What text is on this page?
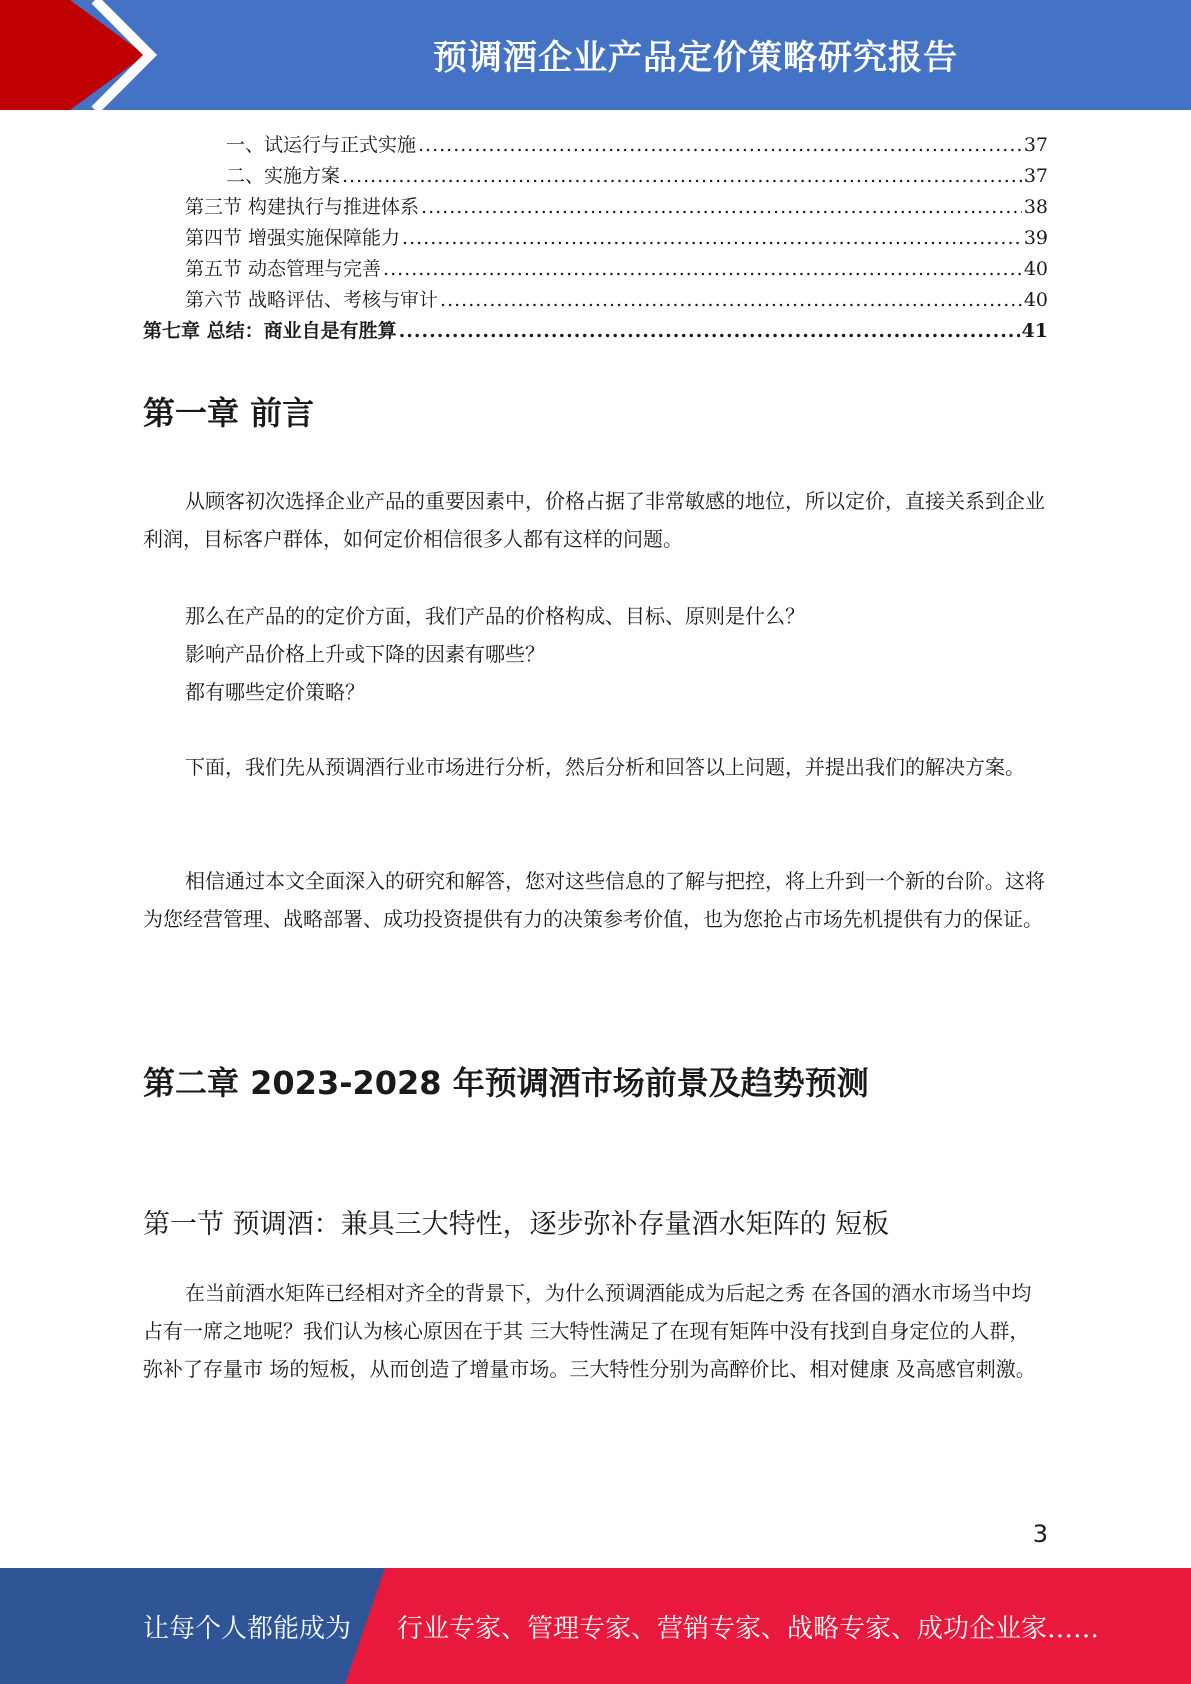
预调酒企业产品定价策略研究报告
一、试运行与正式实施 .....	37
二、实施方案 .....	37
第三节 构建执行与推进体系 .....	38
第四节 增强实施保障能力 .....	39
第五节 动态管理与完善 .....	40
第六节 战略评估、考核与审计 .....	40
第七章 总结：商业自是有胜算 .....	41
第一章 前言

从顾客初次选择企业产品的重要因素中，价格占据了非常敏感的地位，所以定价，直接关系到企业利润，目标客户群体，如何定价相信很多人都有这样的问题。

那么在产品的的定价方面，我们产品的价格构成、目标、原则是什么？

影响产品价格上升或下降的因素有哪些？

都有哪些定价策略？

下面，我们先从预调酒行业市场进行分析，然后分析和回答以上问题，并提出我们的解决方案。

相信通过本文全面深入的研究和解答，您对这些信息的了解与把控，将上升到一个新的台阶。这将为您经营管理、战略部署、成功投资提供有力的决策参考价值，也为您抢占市场先机提供有力的保证。

第二章 2023-2028 年预调酒市场前景及趋势预测
第一节 预调酒：兼具三大特性，逐步弥补存量酒水矩阵的 短板

在当前酒水矩阵已经相对齐全的背景下，为什么预调酒能成为后起之秀 在各国的酒水市场当中均占有一席之地呢？我们认为核心原因在于其 三大特性满足了在现有矩阵中没有找到自身定位的人群，弥补了存量市 场的短板，从而创造了增量市场。三大特性分别为高醉价比、相对健康 及高感官刺激。

3
让每个人都能成为 行业专家、管理专家、营销专家、战略专家、成功企业家……
